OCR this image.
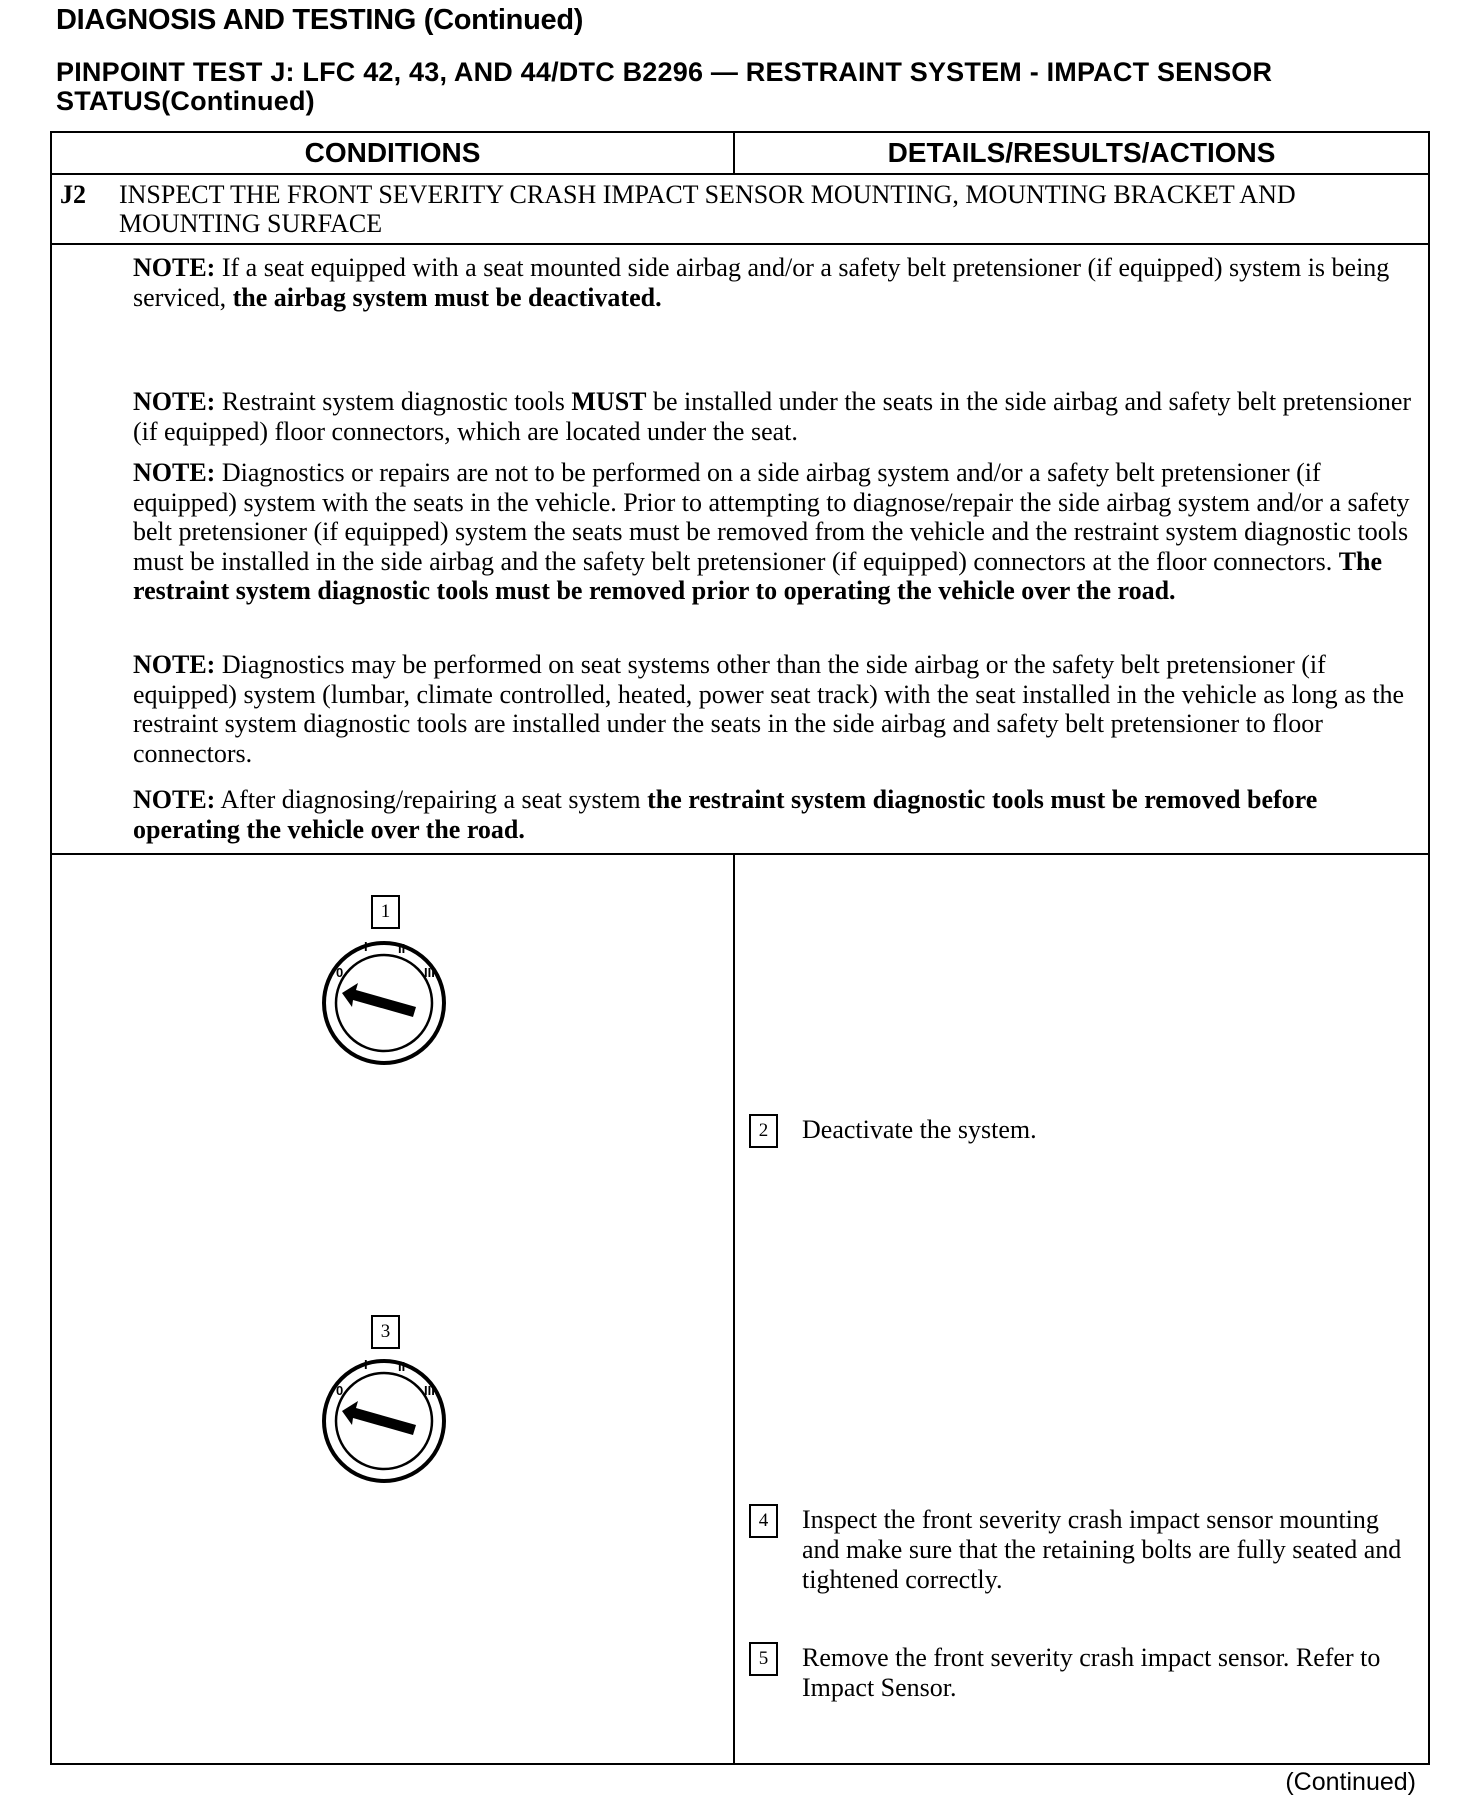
DIAGNOSIS AND TESTING (Continued)
PINPOINT TEST J: LFC 42, 43, AND 44/DTC B2296 — RESTRAINT SYSTEM - IMPACT SENSOR STATUS(Continued)
CONDITIONS	DETAILS/RESULTS/ACTIONS
J2 INSPECT THE FRONT SEVERITY CRASH IMPACT SENSOR MOUNTING, MOUNTING BRACKET AND MOUNTING SURFACE

NOTE: If a seat equipped with a seat mounted side airbag and/or a safety belt pretensioner (if equipped) system is being serviced, the airbag system must be deactivated.

NOTE: Restraint system diagnostic tools MUST be installed under the seats in the side airbag and safety belt pretensioner (if equipped) floor connectors, which are located under the seat.

NOTE: Diagnostics or repairs are not to be performed on a side airbag system and/or a safety belt pretensioner (if equipped) system with the seats in the vehicle. Prior to attempting to diagnose/repair the side airbag system and/or a safety belt pretensioner (if equipped) system the seats must be removed from the vehicle and the restraint system diagnostic tools must be installed in the side airbag and the safety belt pretensioner (if equipped) connectors at the floor connectors. The restraint system diagnostic tools must be removed prior to operating the vehicle over the road.

NOTE: Diagnostics may be performed on seat systems other than the side airbag or the safety belt pretensioner (if equipped) system (lumbar, climate controlled, heated, power seat track) with the seat installed in the vehicle as long as the restraint system diagnostic tools are installed under the seats in the side airbag and safety belt pretensioner to floor connectors.

NOTE: After diagnosing/repairing a seat system the restraint system diagnostic tools must be removed before operating the vehicle over the road.

1
0
I II
III
3
0
I II
III
2	Deactivate the system.
4	Inspect the front severity crash impact sensor mounting and make sure that the retaining bolts are fully seated and tightened correctly.
5	Remove the front severity crash impact sensor. Refer to Impact Sensor.
(Continued)
